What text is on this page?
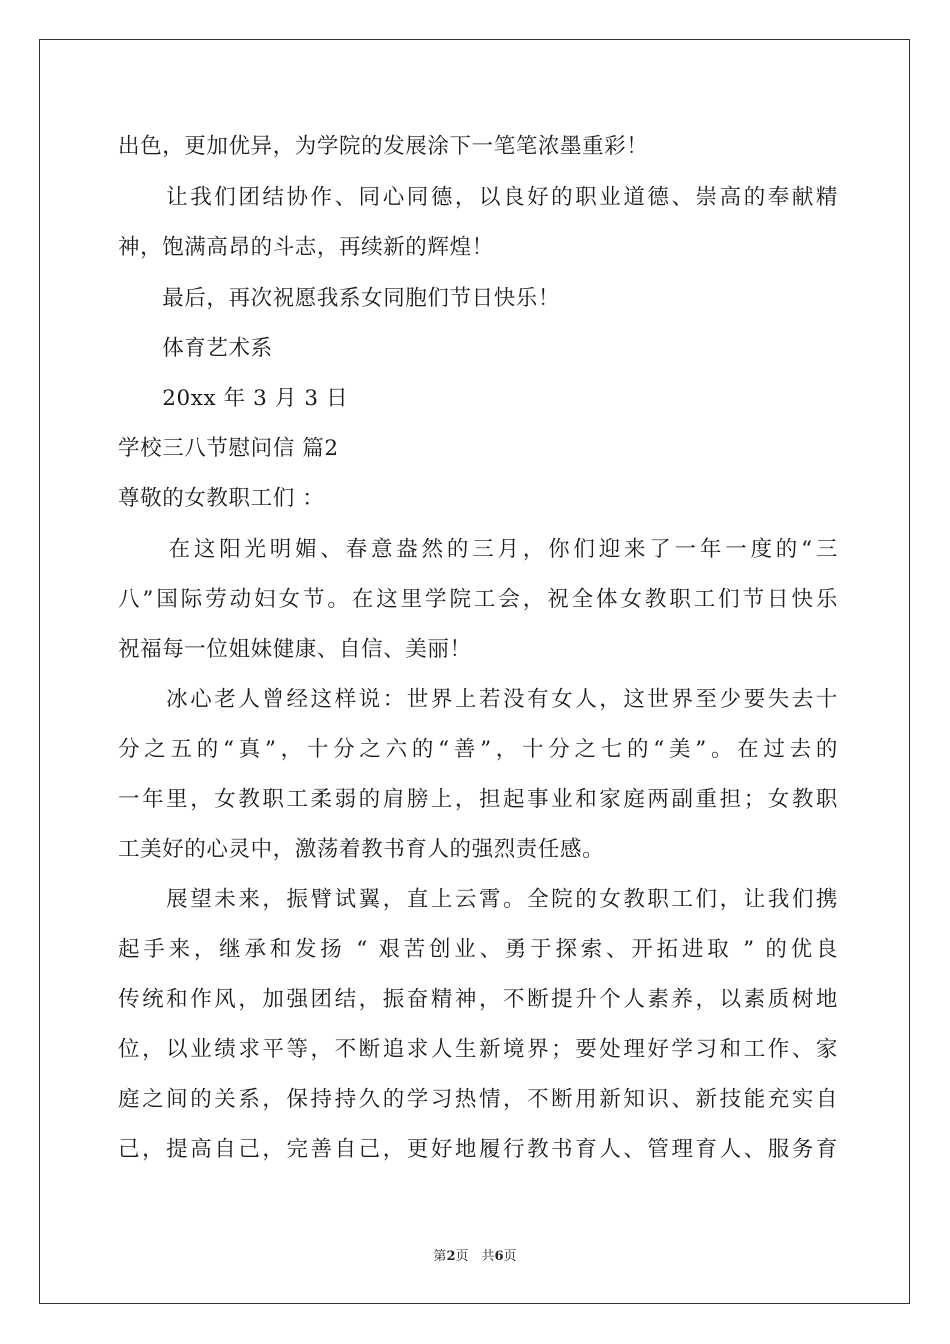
出色，更加优异，为学院的发展涂下一笔笔浓墨重彩！
　　让我们团结协作、同心同德，以良好的职业道德、崇高的奉献精
神，饱满高昂的斗志，再续新的辉煌！
　　最后，再次祝愿我系女同胞们节日快乐！
　　体育艺术系
　　20xx 年 3 月 3 日
学校三八节慰问信 篇2
尊敬的女教职工们 ：
　　在这阳光明媚、春意盎然的三月，你们迎来了一年一度的“三
八”国际劳动妇女节。在这里学院工会，祝全体女教职工们节日快乐
祝福每一位姐妹健康、自信、美丽！
　　冰心老人曾经这样说：世界上若没有女人，这世界至少要失去十
分之五的“真”，十分之六的“善”，十分之七的“美”。在过去的
一年里，女教职工柔弱的肩膀上，担起事业和家庭两副重担；女教职
工美好的心灵中，激荡着教书育人的强烈责任感。
　　展望未来，振臂试翼，直上云霄。全院的女教职工们，让我们携
起手来，继承和发扬 “ 艰苦创业、勇于探索、开拓进取 ” 的优良
传统和作风，加强团结，振奋精神，不断提升个人素养，以素质树地
位，以业绩求平等，不断追求人生新境界；要处理好学习和工作、家
庭之间的关系，保持持久的学习热情，不断用新知识、新技能充实自
己，提高自己，完善自己，更好地履行教书育人、管理育人、服务育
第2页　共6页
